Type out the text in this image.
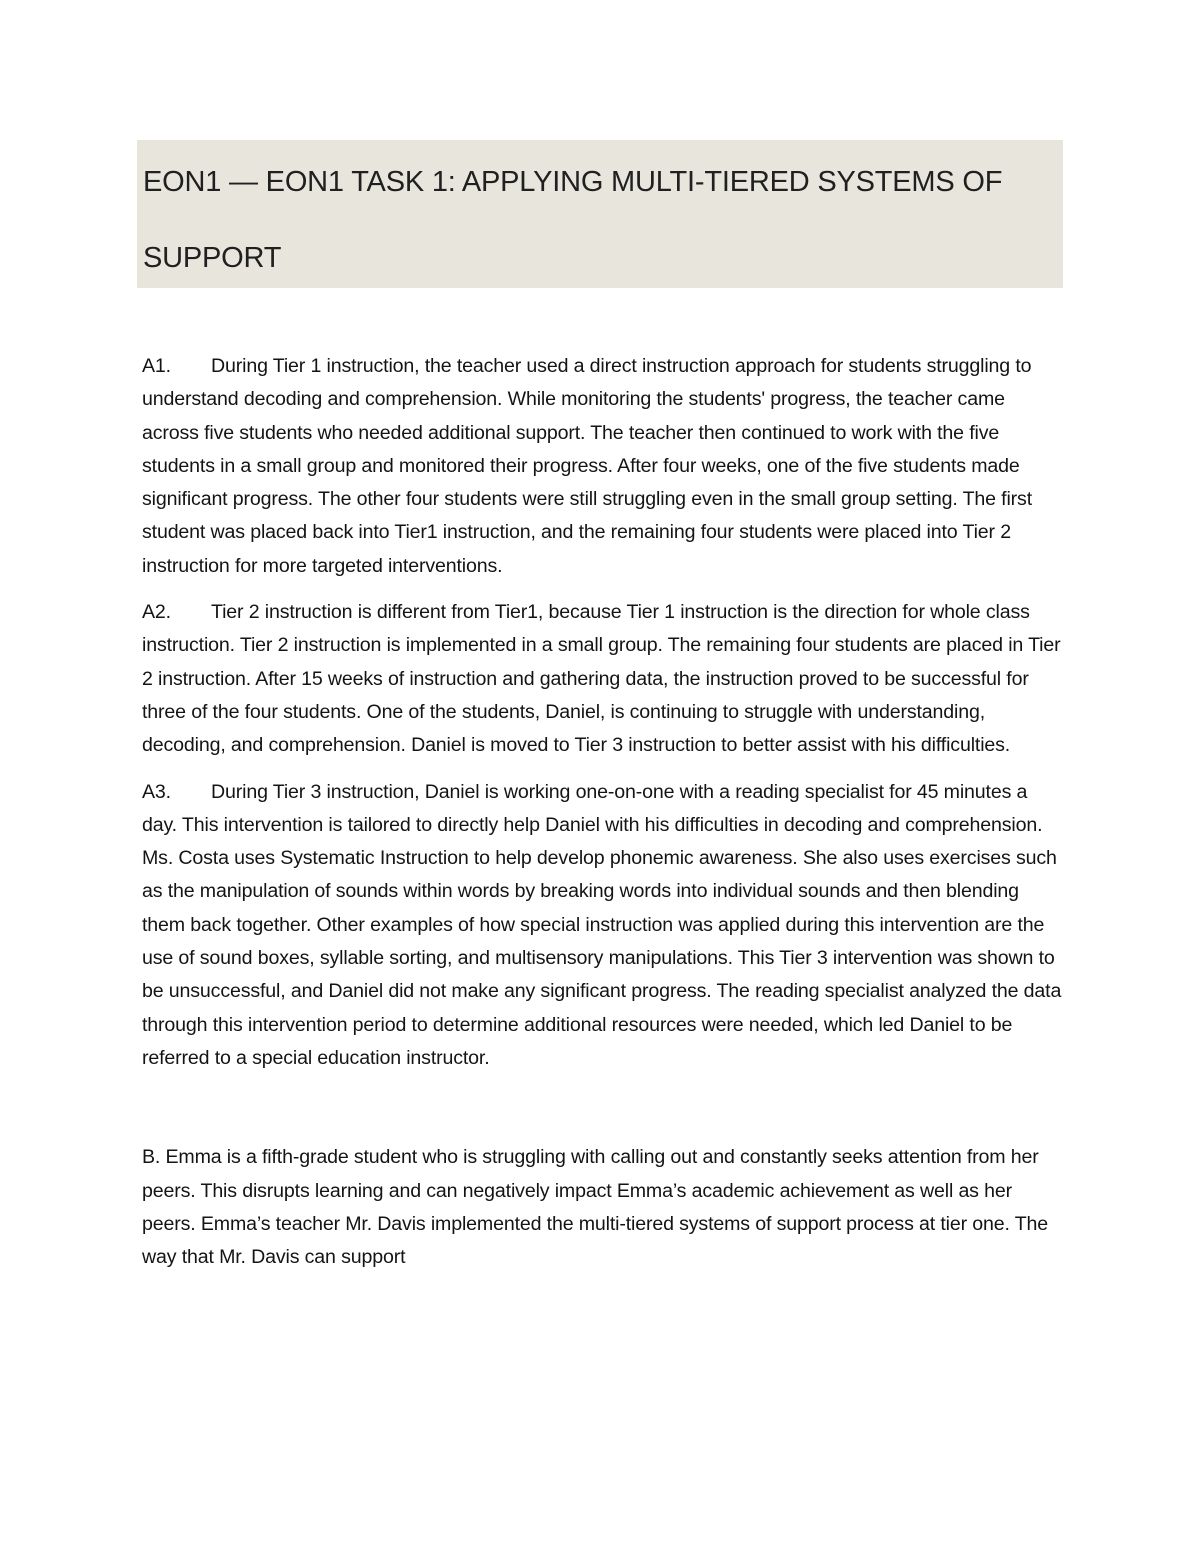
EON1 — EON1 TASK 1: APPLYING MULTI-TIERED SYSTEMS OF SUPPORT

A1. During Tier 1 instruction, the teacher used a direct instruction approach for students struggling to understand decoding and comprehension. While monitoring the students' progress, the teacher came across five students who needed additional support. The teacher then continued to work with the five students in a small group and monitored their progress. After four weeks, one of the five students made significant progress. The other four students were still struggling even in the small group setting. The first student was placed back into Tier1 instruction, and the remaining four students were placed into Tier 2 instruction for more targeted interventions.

A2. Tier 2 instruction is different from Tier1, because Tier 1 instruction is the direction for whole class instruction. Tier 2 instruction is implemented in a small group. The remaining four students are placed in Tier 2 instruction. After 15 weeks of instruction and gathering data, the instruction proved to be successful for three of the four students. One of the students, Daniel, is continuing to struggle with understanding, decoding, and comprehension. Daniel is moved to Tier 3 instruction to better assist with his difficulties.

A3. During Tier 3 instruction, Daniel is working one-on-one with a reading specialist for 45 minutes a day. This intervention is tailored to directly help Daniel with his difficulties in decoding and comprehension. Ms. Costa uses Systematic Instruction to help develop phonemic awareness. She also uses exercises such as the manipulation of sounds within words by breaking words into individual sounds and then blending them back together. Other examples of how special instruction was applied during this intervention are the use of sound boxes, syllable sorting, and multisensory manipulations. This Tier 3 intervention was shown to be unsuccessful, and Daniel did not make any significant progress. The reading specialist analyzed the data through this intervention period to determine additional resources were needed, which led Daniel to be referred to a special education instructor.

B. Emma is a fifth-grade student who is struggling with calling out and constantly seeks attention from her peers. This disrupts learning and can negatively impact Emma’s academic achievement as well as her peers. Emma’s teacher Mr. Davis implemented the multi-tiered systems of support process at tier one. The way that Mr. Davis can support
